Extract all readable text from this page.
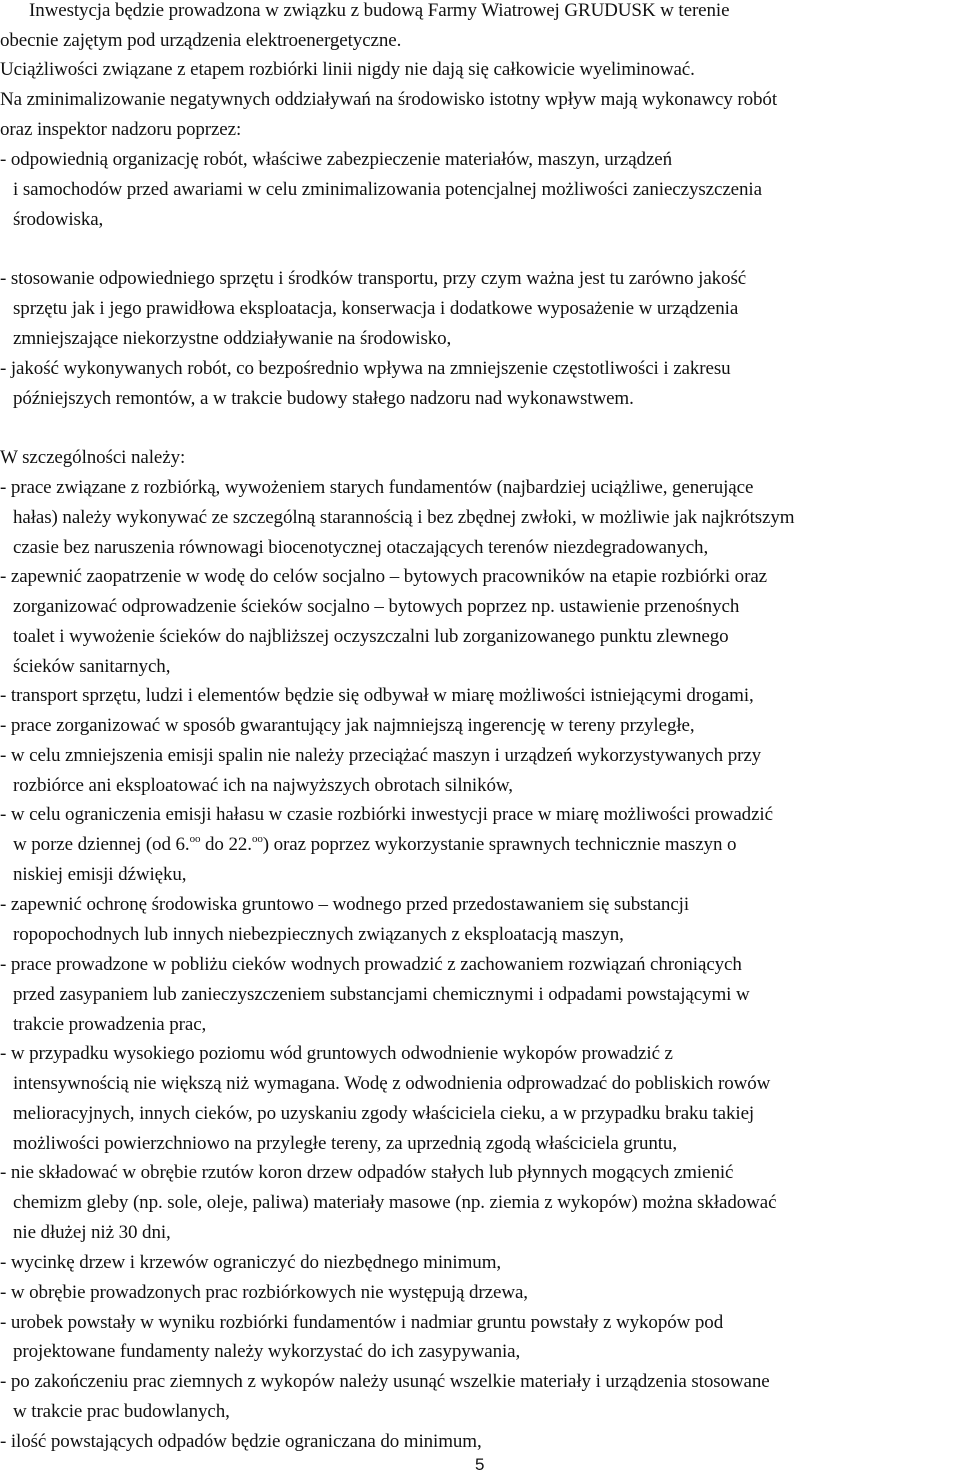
Inwestycja będzie prowadzona w związku z budową Farmy Wiatrowej GRUDUSK w terenie
obecnie zajętym pod urządzenia elektroenergetyczne.
Uciążliwości związane z etapem rozbiórki linii nigdy nie dają się całkowicie wyeliminować.
Na zminimalizowanie negatywnych oddziaływań na środowisko istotny wpływ mają wykonawcy robót
oraz inspektor nadzoru poprzez:
- odpowiednią organizację robót, właściwe zabezpieczenie materiałów, maszyn, urządzeń
i samochodów przed awariami w celu zminimalizowania potencjalnej możliwości zanieczyszczenia
środowiska,
- stosowanie odpowiedniego sprzętu i środków transportu, przy czym ważna jest tu zarówno jakość
sprzętu jak i jego prawidłowa eksploatacja, konserwacja i dodatkowe wyposażenie w urządzenia
zmniejszające niekorzystne oddziaływanie na środowisko,
- jakość wykonywanych robót, co bezpośrednio wpływa na zmniejszenie częstotliwości i zakresu
późniejszych remontów, a w trakcie budowy stałego nadzoru nad wykonawstwem.
W szczególności należy:
- prace związane z rozbiórką, wywożeniem starych fundamentów (najbardziej uciążliwe, generujące
hałas) należy wykonywać ze szczególną starannością i bez zbędnej zwłoki, w możliwie jak najkrótszym
czasie bez naruszenia równowagi biocenotycznej otaczających terenów niezdegradowanych,
- zapewnić zaopatrzenie w wodę do celów socjalno – bytowych pracowników na etapie rozbiórki oraz
zorganizować odprowadzenie ścieków socjalno – bytowych poprzez np. ustawienie przenośnych
toalet i wywożenie ścieków do najbliższej oczyszczalni lub zorganizowanego punktu zlewnego
ścieków sanitarnych,
- transport sprzętu, ludzi i elementów będzie się odbywał w miarę możliwości istniejącymi drogami,
- prace zorganizować w sposób gwarantujący jak najmniejszą ingerencję w tereny przyległe,
- w celu zmniejszenia emisji spalin nie należy przeciążać maszyn i urządzeń wykorzystywanych przy
rozbiórce ani eksploatować ich na najwyższych obrotach silników,
- w celu ograniczenia emisji hałasu w czasie rozbiórki inwestycji prace w miarę możliwości prowadzić
w porze dziennej (od 6.$^{oo}$ do 22.$^{oo}$) oraz poprzez wykorzystanie sprawnych technicznie maszyn o
niskiej emisji dźwięku,
- zapewnić ochronę środowiska gruntowo – wodnego przed przedostawaniem się substancji
ropopochodnych lub innych niebezpiecznych związanych z eksploatacją maszyn,
- prace prowadzone w pobliżu cieków wodnych prowadzić z zachowaniem rozwiązań chroniących
przed zasypaniem lub zanieczyszczeniem substancjami chemicznymi i odpadami powstającymi w
trakcie prowadzenia prac,
- w przypadku wysokiego poziomu wód gruntowych odwodnienie wykopów prowadzić z
intensywnością nie większą niż wymagana. Wodę z odwodnienia odprowadzać do pobliskich rowów
melioracyjnych, innych cieków, po uzyskaniu zgody właściciela cieku, a w przypadku braku takiej
możliwości powierzchniowo na przyległe tereny, za uprzednią zgodą właściciela gruntu,
- nie składować w obrębie rzutów koron drzew odpadów stałych lub płynnych mogących zmienić
chemizm gleby (np. sole, oleje, paliwa) materiały masowe (np. ziemia z wykopów) można składować
nie dłużej niż 30 dni,
- wycinkę drzew i krzewów ograniczyć do niezbędnego minimum,
- w obrębie prowadzonych prac rozbiórkowych nie występują drzewa,
- urobek powstały w wyniku rozbiórki fundamentów i nadmiar gruntu powstały z wykopów pod
projektowane fundamenty należy wykorzystać do ich zasypywania,
- po zakończeniu prac ziemnych z wykopów należy usunąć wszelkie materiały i urządzenia stosowane
w trakcie prac budowlanych,
- ilość powstających odpadów będzie ograniczana do minimum,
5
